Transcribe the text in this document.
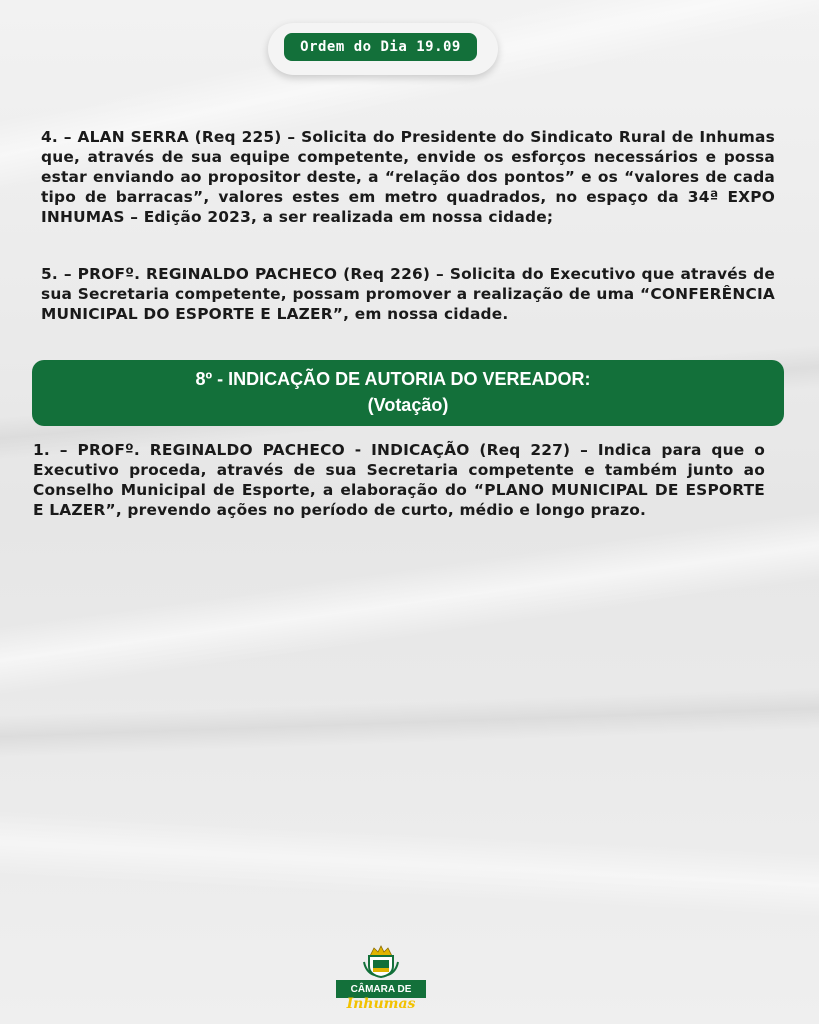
Ordem do Dia 19.09
4. – ALAN SERRA (Req 225) – Solicita do Presidente do Sindicato Rural de Inhumas que, através de sua equipe competente, envide os esforços necessários e possa estar enviando ao propositor deste, a “relação dos pontos” e os “valores de cada tipo de barracas”, valores estes em metro quadrados, no espaço da 34ª EXPO INHUMAS – Edição 2023, a ser realizada em nossa cidade;
5. – PROFº. REGINALDO PACHECO (Req 226) – Solicita do Executivo que através de sua Secretaria competente, possam promover a realização de uma “CONFERÊNCIA MUNICIPAL DO ESPORTE E LAZER”, em nossa cidade.
8º - INDICAÇÃO DE AUTORIA DO VEREADOR:
(Votação)
1. – PROFº. REGINALDO PACHECO - INDICAÇÃO (Req 227) – Indica para que o Executivo proceda, através de sua Secretaria competente e também junto ao Conselho Municipal de Esporte, a elaboração do “PLANO MUNICIPAL DE ESPORTE E LAZER”, prevendo ações no período de curto, médio e longo prazo.
CÂMARA DE
Inhumas
